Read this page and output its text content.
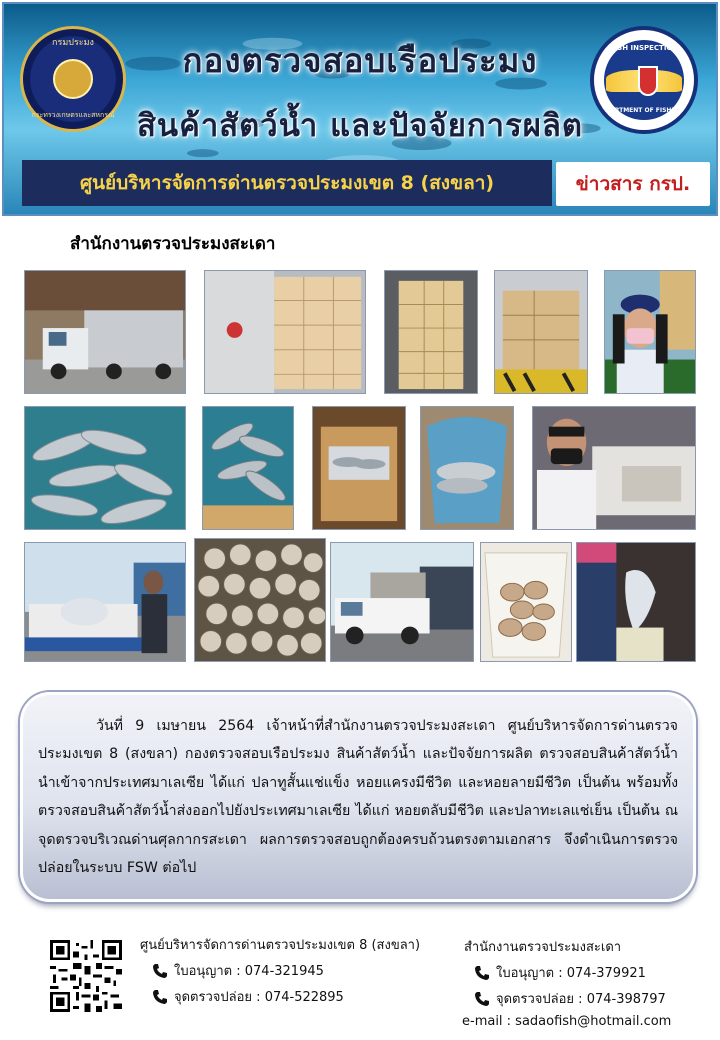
กรมประมง
กระทรวงเกษตรและสหกรณ์
FISH INSPECTION
DEPARTMENT OF FISHERIES
กองตรวจสอบเรือประมง
สินค้าสัตว์น้ำ และปัจจัยการผลิต
ศูนย์บริหารจัดการด่านตรวจประมงเขต 8 (สงขลา)	ข่าวสาร กรป.
สำนักงานตรวจประมงสะเดา

วันที่ 9 เมษายน 2564 เจ้าหน้าที่สำนักงานตรวจประมงสะเดา ศูนย์บริหารจัดการด่านตรวจประมงเขต 8 (สงขลา) กองตรวจสอบเรือประมง สินค้าสัตว์น้ำ และปัจจัยการผลิต ตรวจสอบสินค้าสัตว์น้ำนำเข้าจากประเทศมาเลเซีย ได้แก่ ปลาทูสั้นแช่แข็ง หอยแครงมีชีวิต และหอยลายมีชีวิต เป็นต้น พร้อมทั้งตรวจสอบสินค้าสัตว์น้ำส่งออกไปยังประเทศมาเลเซีย ได้แก่ หอยตลับมีชีวิต และปลาทะเลแช่เย็น เป็นต้น ณ จุดตรวจบริเวณด่านศุลกากรสะเดา ผลการตรวจสอบถูกต้องครบถ้วนตรงตามเอกสาร จึงดำเนินการตรวจปล่อยในระบบ FSW ต่อไป

ศูนย์บริหารจัดการด่านตรวจประมงเขต 8 (สงขลา)
ใบอนุญาต : 074-321945
จุดตรวจปล่อย : 074-522895
สำนักงานตรวจประมงสะเดา
ใบอนุญาต : 074-379921
จุดตรวจปล่อย : 074-398797
e-mail : sadaofish@hotmail.com
